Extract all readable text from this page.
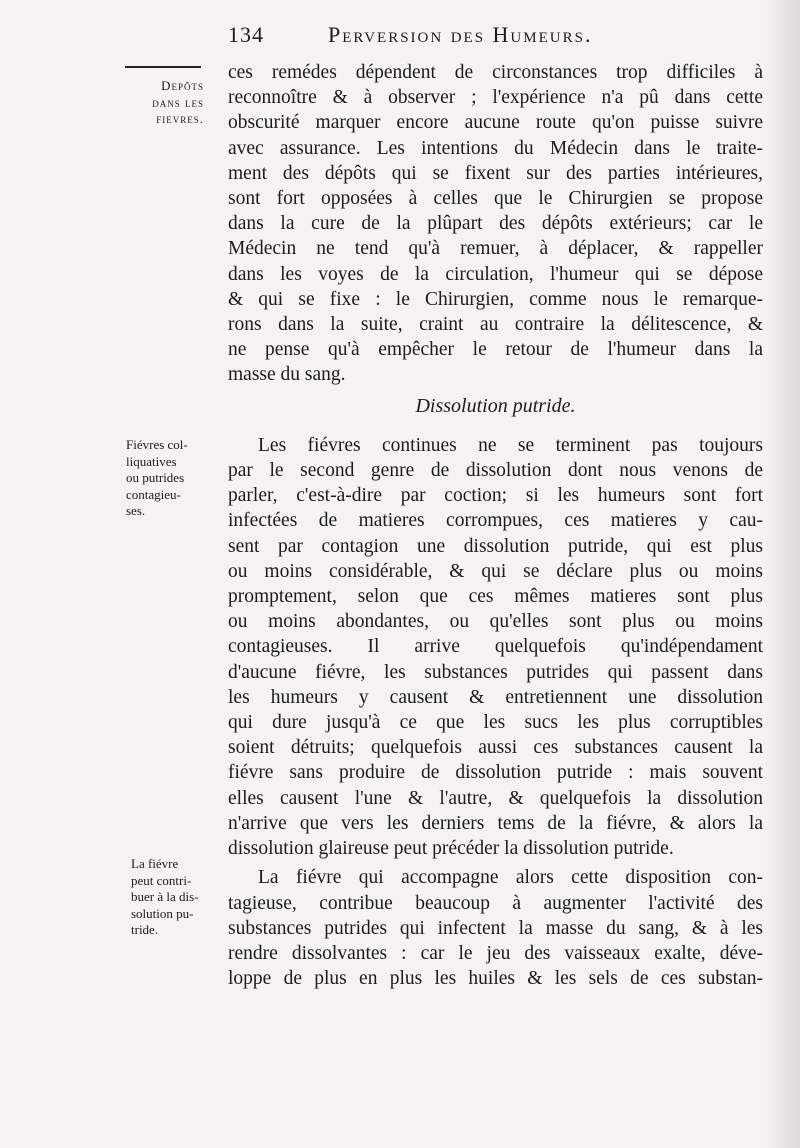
134	Perversion des Humeurs.
Depôts
dans les
fievres.
Fiévres col-
liquatives
ou putrides
contagieu-
ses.
La fiévre
peut contri-
buer à la dis-
solution pu-
tride.
ces remédes dépendent de circonstances trop difficiles à
reconnoître & à observer ; l'expérience n'a pû dans cette
obscurité marquer encore aucune route qu'on puisse suivre
avec assurance. Les intentions du Médecin dans le traite-
ment des dépôts qui se fixent sur des parties intérieures,
sont fort opposées à celles que le Chirurgien se propose
dans la cure de la plûpart des dépôts extérieurs; car le
Médecin ne tend qu'à remuer, à déplacer, & rappeller
dans les voyes de la circulation, l'humeur qui se dépose
& qui se fixe : le Chirurgien, comme nous le remarque-
rons dans la suite, craint au contraire la délitescence, &
ne pense qu'à empêcher le retour de l'humeur dans la
masse du sang.
Dissolution putride.
Les fiévres continues ne se terminent pas toujours
par le second genre de dissolution dont nous venons de
parler, c'est-à-dire par coction; si les humeurs sont fort
infectées de matieres corrompues, ces matieres y cau-
sent par contagion une dissolution putride, qui est plus
ou moins considérable, & qui se déclare plus ou moins
promptement, selon que ces mêmes matieres sont plus
ou moins abondantes, ou qu'elles sont plus ou moins
contagieuses. Il arrive quelquefois qu'indépendament
d'aucune fiévre, les substances putrides qui passent dans
les humeurs y causent & entretiennent une dissolution
qui dure jusqu'à ce que les sucs les plus corruptibles
soient détruits; quelquefois aussi ces substances causent la
fiévre sans produire de dissolution putride : mais souvent
elles causent l'une & l'autre, & quelquefois la dissolution
n'arrive que vers les derniers tems de la fiévre, & alors la
dissolution glaireuse peut précéder la dissolution putride.
La fiévre qui accompagne alors cette disposition con-
tagieuse, contribue beaucoup à augmenter l'activité des
substances putrides qui infectent la masse du sang, & à les
rendre dissolvantes : car le jeu des vaisseaux exalte, déve-
loppe de plus en plus les huiles & les sels de ces substan-
